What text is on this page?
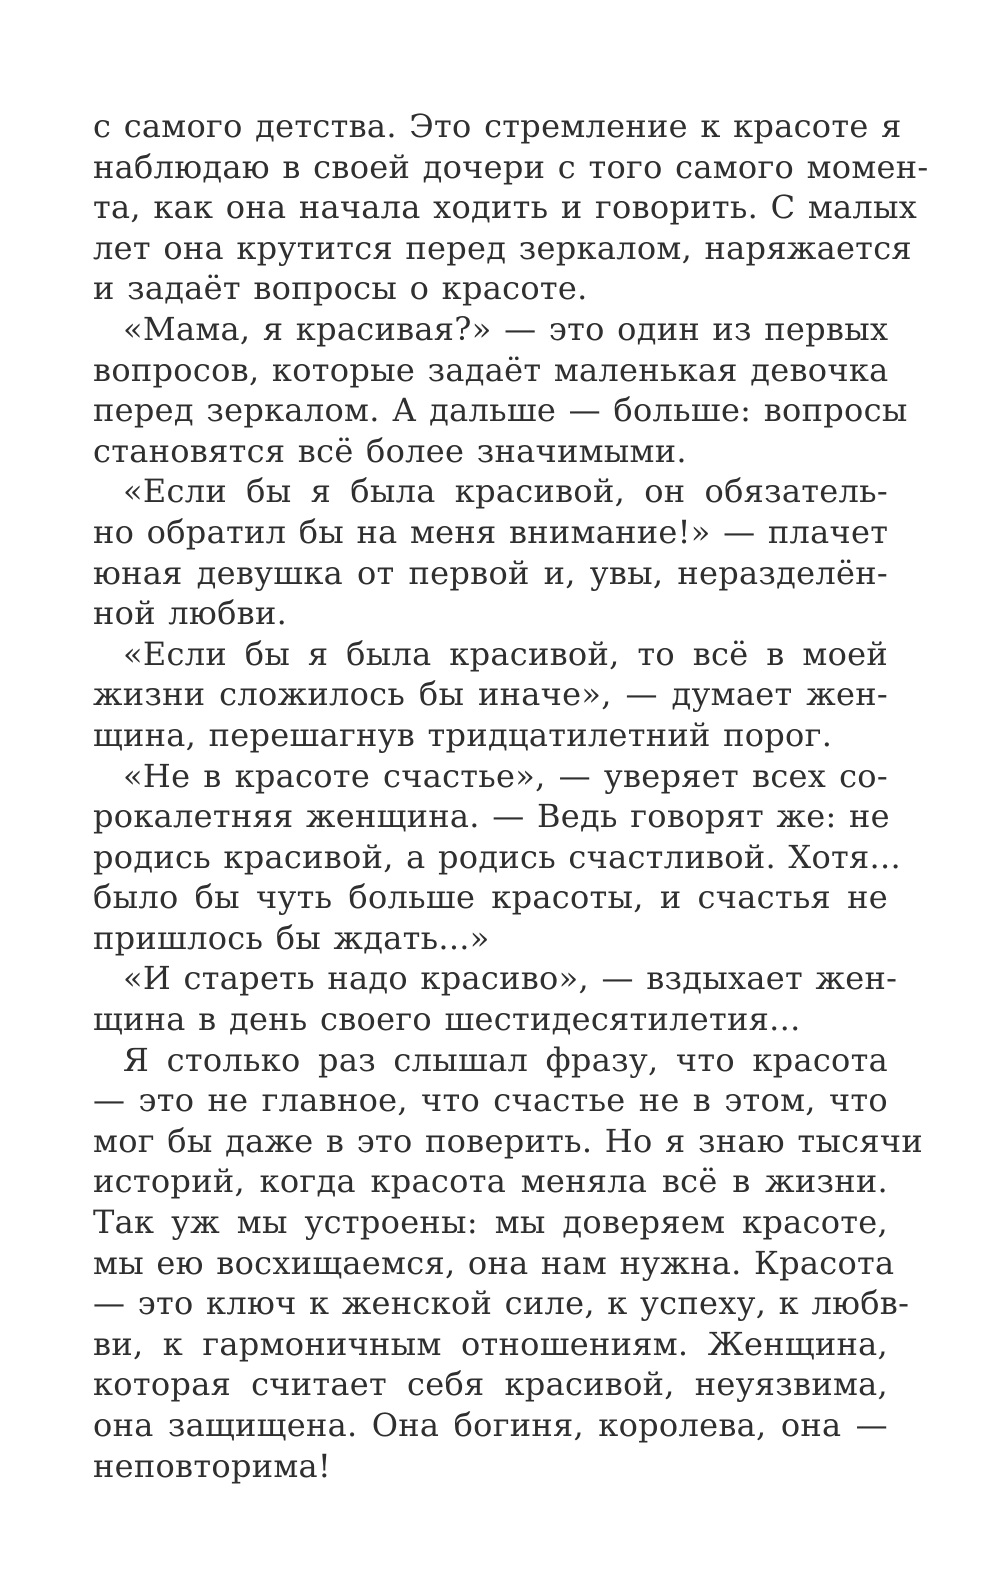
с самого детства. Это стремление к красоте я
наблюдаю в своей дочери с того самого момен-
та, как она начала ходить и говорить. С малых
лет она крутится перед зеркалом, наряжается
и задаёт вопросы о красоте.
«Мама, я красивая?» — это один из первых
вопросов, которые задаёт маленькая девочка
перед зеркалом. А дальше — больше: вопросы
становятся всё более значимыми.
«Если бы я была красивой, он обязатель-
но обратил бы на меня внимание!» — плачет
юная девушка от первой и, увы, неразделён-
ной любви.
«Если бы я была красивой, то всё в моей
жизни сложилось бы иначе», — думает жен-
щина, перешагнув тридцатилетний порог.
«Не в красоте счастье», — уверяет всех со-
рокалетняя женщина. — Ведь говорят же: не
родись красивой, а родись счастливой. Хотя...
было бы чуть больше красоты, и счастья не
пришлось бы ждать...»
«И стареть надо красиво», — вздыхает жен-
щина в день своего шестидесятилетия...
Я столько раз слышал фразу, что красота
— это не главное, что счастье не в этом, что
мог бы даже в это поверить. Но я знаю тысячи
историй, когда красота меняла всё в жизни.
Так уж мы устроены: мы доверяем красоте,
мы ею восхищаемся, она нам нужна. Красота
— это ключ к женской силе, к успеху, к любв-
ви, к гармоничным отношениям. Женщина,
которая считает себя красивой, неуязвима,
она защищена. Она богиня, королева, она —
неповторима!
